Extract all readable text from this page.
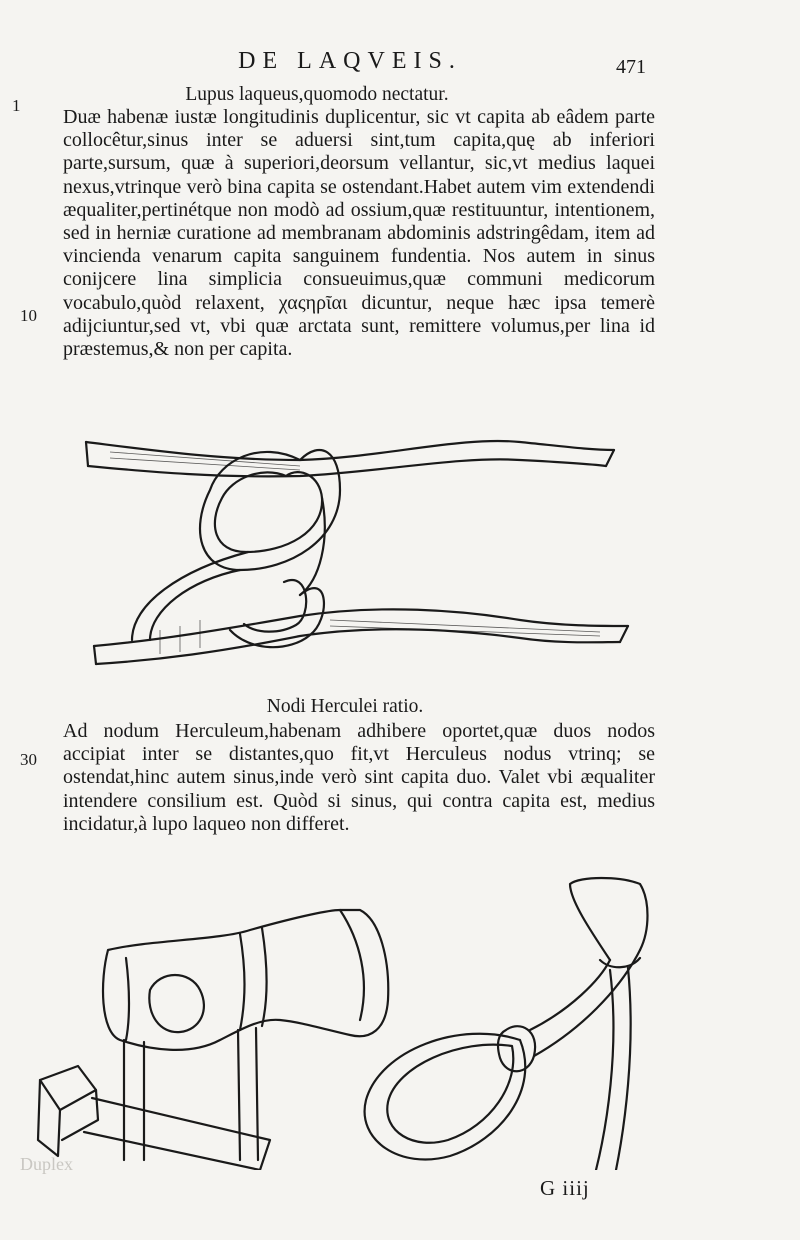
DE LAQVEIS.	471
1
10
30
Lupus laqueus,quomodo nectatur.

Duæ habenæ iustæ longitudinis duplicentur, sic vt capita ab eâdem parte collocêtur,sinus inter se aduersi sint,tum capita,quę ab inferiori parte,sursum, quæ à superiori,deorsum vellantur, sic,vt medius laquei nexus,vtrinque verò bina capita se ostendant.Habet autem vim extendendi æqualiter,pertinétque non modò ad ossium,quæ restituuntur, intentionem, sed in herniæ curatione ad membranam abdominis adstringêdam, item ad vincienda venarum capita sanguinem fundentia. Nos autem in sinus conijcere lina simplicia consueuimus,quæ communi medicorum vocabulo,quòd relaxent, χαςηρῖαι dicuntur, neque hæc ipsa temerè adijciuntur,sed vt, vbi quæ arctata sunt, remittere volumus,per lina id præstemus,& non per capita.

Nodi Herculei ratio.

Ad nodum Herculeum,habenam adhibere oportet,quæ duos nodos accipiat inter se distantes,quo fit,vt Herculeus nodus vtrinq; se ostendat,hinc autem sinus,inde verò sint capita duo. Valet vbi æqualiter intendere consilium est. Quòd si sinus, qui contra capita est, medius incidatur,à lupo laqueo non differet.

Duplex
G iiij
